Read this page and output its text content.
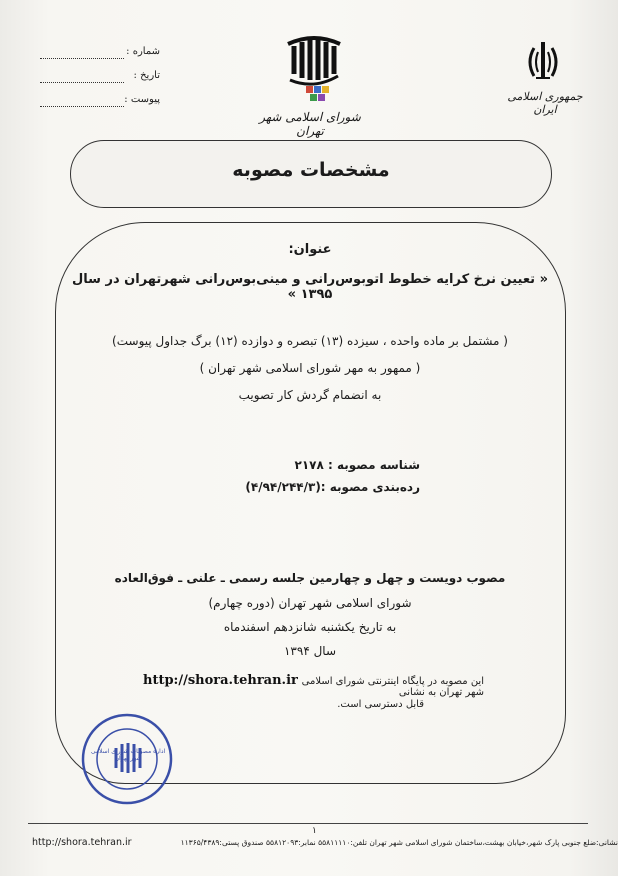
شماره :
تاریخ :
پیوست :
شورای اسلامی شهر تهران
جمهوری اسلامی ایران
مشخصات مصوبه
عنوان:
« تعیین نرخ کرایه خطوط اتوبوس‌رانی و مینی‌بوس‌رانی شهرتهران در سال ۱۳۹۵ »
( مشتمل بر ماده واحده ، سیزده (۱۳) تبصره و دوازده (۱۲) برگ جداول پیوست)
( ممهور به مهر شورای اسلامی شهر تهران )
به انضمام گردش کار تصویب
شناسه مصوبه : ۲۱۷۸
رده‌بندی مصوبه :(۴/۹۴/۲۴۴/۳)
مصوب دویست و چهل و چهارمین جلسه رسمی ـ علنی ـ فوق‌العاده
شورای اسلامی شهر تهران (دوره چهارم)
به تاریخ یکشنبه شانزدهم اسفندماه
سال ۱۳۹۴
http://shora.tehran.ir این مصوبه در پایگاه اینترنتی شورای اسلامی شهر تهران به نشانی
قابل دسترسی است.
اداره مصوبات شورای اسلامی شهر تهران
۱
http://shora.tehran.ir	نشانی:ضلع جنوبی پارک شهر،خیابان بهشت،ساختمان شورای اسلامی شهر تهران تلفن:۵۵۸۱۱۱۱۰ نمابر:۵۵۸۱۲۰۹۳ صندوق پستی:۱۱۳۶۵/۴۳۸۹
